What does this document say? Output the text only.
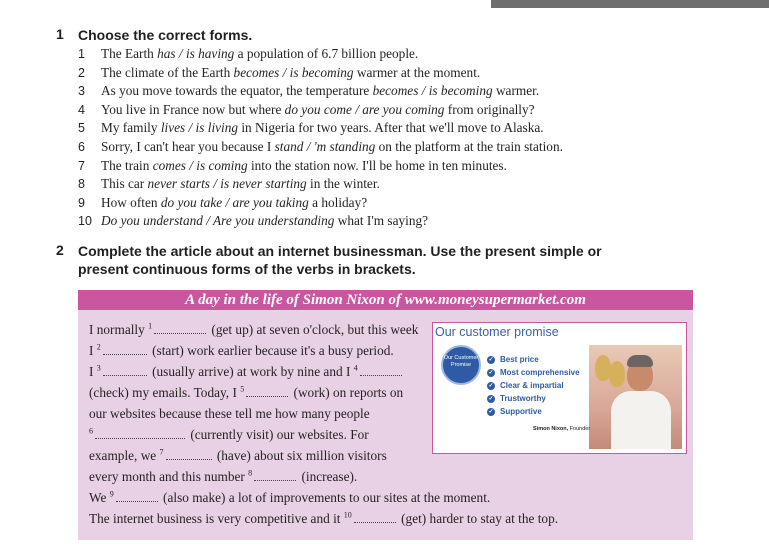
1 Choose the correct forms.
1	The Earth has / is having a population of 6.7 billion people.
2	The climate of the Earth becomes / is becoming warmer at the moment.
3	As you move towards the equator, the temperature becomes / is becoming warmer.
4	You live in France now but where do you come / are you coming from originally?
5	My family lives / is living in Nigeria for two years. After that we'll move to Alaska.
6	Sorry, I can't hear you because I stand / 'm standing on the platform at the train station.
7	The train comes / is coming into the station now. I'll be home in ten minutes.
8	This car never starts / is never starting in the winter.
9	How often do you take / are you taking a holiday?
10 Do you understand / Are you understanding what I'm saying?
2 Complete the article about an internet businessman. Use the present simple or
present continuous forms of the verbs in brackets.
A day in the life of Simon Nixon of www.moneysupermarket.com
I normally $^1$	(get up) at seven o'clock, but this week
I $^2$	(start) work earlier because it's a busy period.
I $^3$	(usually arrive) at work by nine and I $^4$
(check) my emails. Today, I $^5$	(work) on reports on
our websites because these tell me how many people
$^6$	(currently visit) our websites. For
example, we $^7$	(have) about six million visitors
every month and this number $^8$	(increase).
We $^9$	(also make) a lot of improvements to our sites at the moment.
The internet business is very competitive and it $^{10}$	(get) harder to stay at the top.
Our customer promise
Our Customer Promise
✓ Best price
✓ Most comprehensive
✓ Clear & impartial
✓ Trustworthy
✓ Supportive
Simon Nixon, Founder
